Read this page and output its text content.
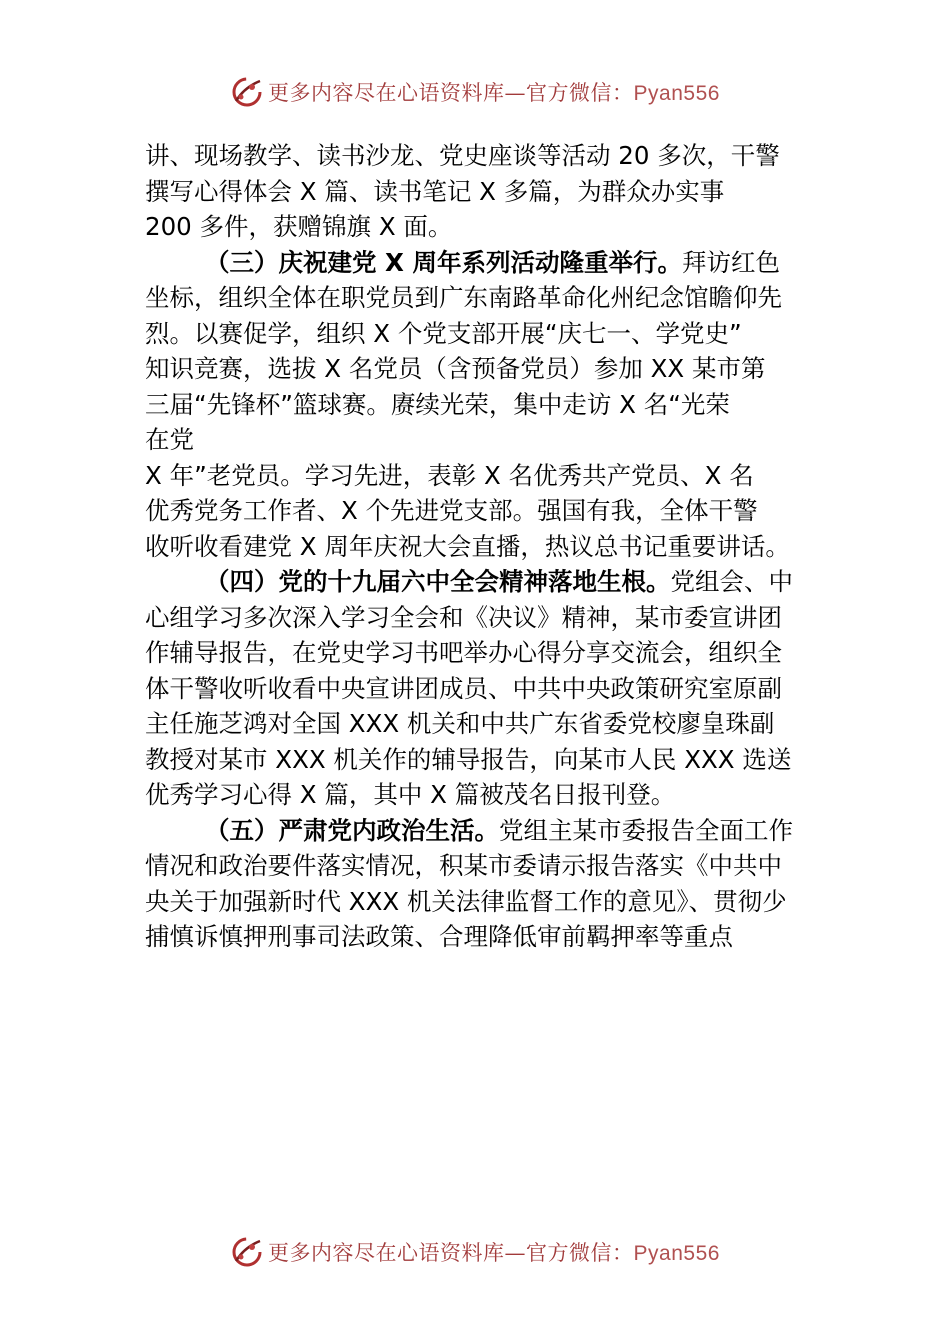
更多内容尽在心语资料库—官方微信：Pyan556
讲、现场教学、读书沙龙、党史座谈等活动 20 多次，干警
撰写心得体会 X 篇、读书笔记 X 多篇，为群众办实事
200 多件，获赠锦旗 X 面。
（三）庆祝建党 X 周年系列活动隆重举行。拜访红色
坐标，组织全体在职党员到广东南路革命化州纪念馆瞻仰先
烈。以赛促学，组织 X 个党支部开展“庆七一、学党史”
知识竞赛，选拔 X 名党员（含预备党员）参加 XX 某市第
三届“先锋杯”篮球赛。赓续光荣，集中走访 X 名“光荣
在党
X 年”老党员。学习先进，表彰 X 名优秀共产党员、X 名
优秀党务工作者、X 个先进党支部。强国有我，全体干警
收听收看建党 X 周年庆祝大会直播，热议总书记重要讲话。
（四）党的十九届六中全会精神落地生根。党组会、中
心组学习多次深入学习全会和《决议》精神，某市委宣讲团
作辅导报告，在党史学习书吧举办心得分享交流会，组织全
体干警收听收看中央宣讲团成员、中共中央政策研究室原副
主任施芝鸿对全国 XXX 机关和中共广东省委党校廖皇珠副
教授对某市 XXX 机关作的辅导报告，向某市人民 XXX 选送
优秀学习心得 X 篇，其中 X 篇被茂名日报刊登。
（五）严肃党内政治生活。党组主某市委报告全面工作
情况和政治要件落实情况，积某市委请示报告落实《中共中
央关于加强新时代 XXX 机关法律监督工作的意见》、贯彻少
捕慎诉慎押刑事司法政策、合理降低审前羁押率等重点
更多内容尽在心语资料库—官方微信：Pyan556
